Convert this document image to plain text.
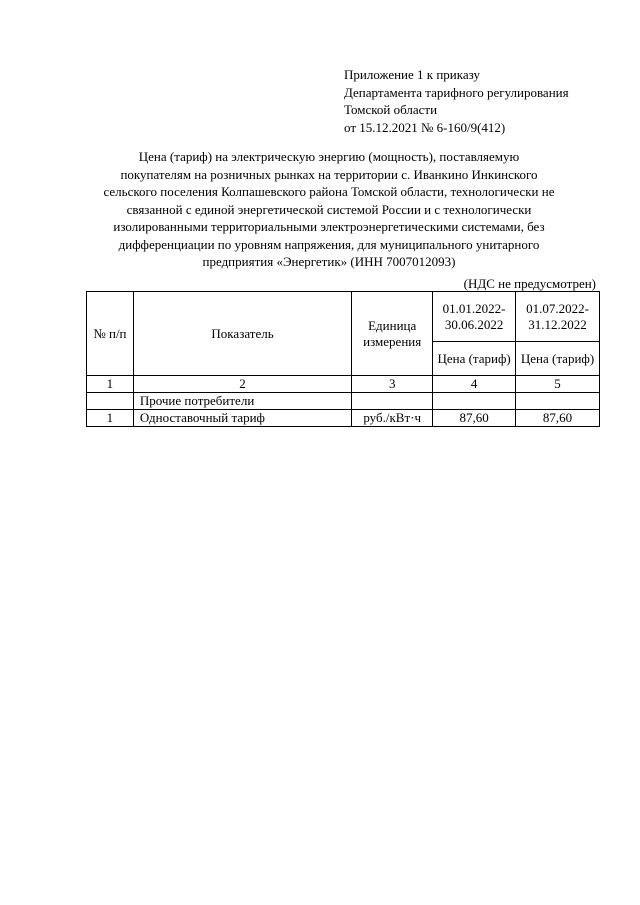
Приложение 1 к приказу
Департамента тарифного регулирования
Томской области
от 15.12.2021 № 6-160/9(412)
Цена (тариф) на электрическую энергию (мощность), поставляемую
покупателям на розничных рынках на территории с. Иванкино Инкинского
сельского поселения Колпашевского района Томской области, технологически не
связанной с единой энергетической системой России и с технологически
изолированными территориальными электроэнергетическими системами, без
дифференциации по уровням напряжения, для муниципального унитарного
предприятия «Энергетик» (ИНН 7007012093)
(НДС не предусмотрен)
№ п/п	Показатель	Единица измерения	01.01.2022-30.06.2022	01.07.2022-31.12.2022
			Цена (тариф)	Цена (тариф)
1	2	3	4	5
	Прочие потребители			
1	Одноставочный тариф	руб./кВт·ч	87,60	87,60
